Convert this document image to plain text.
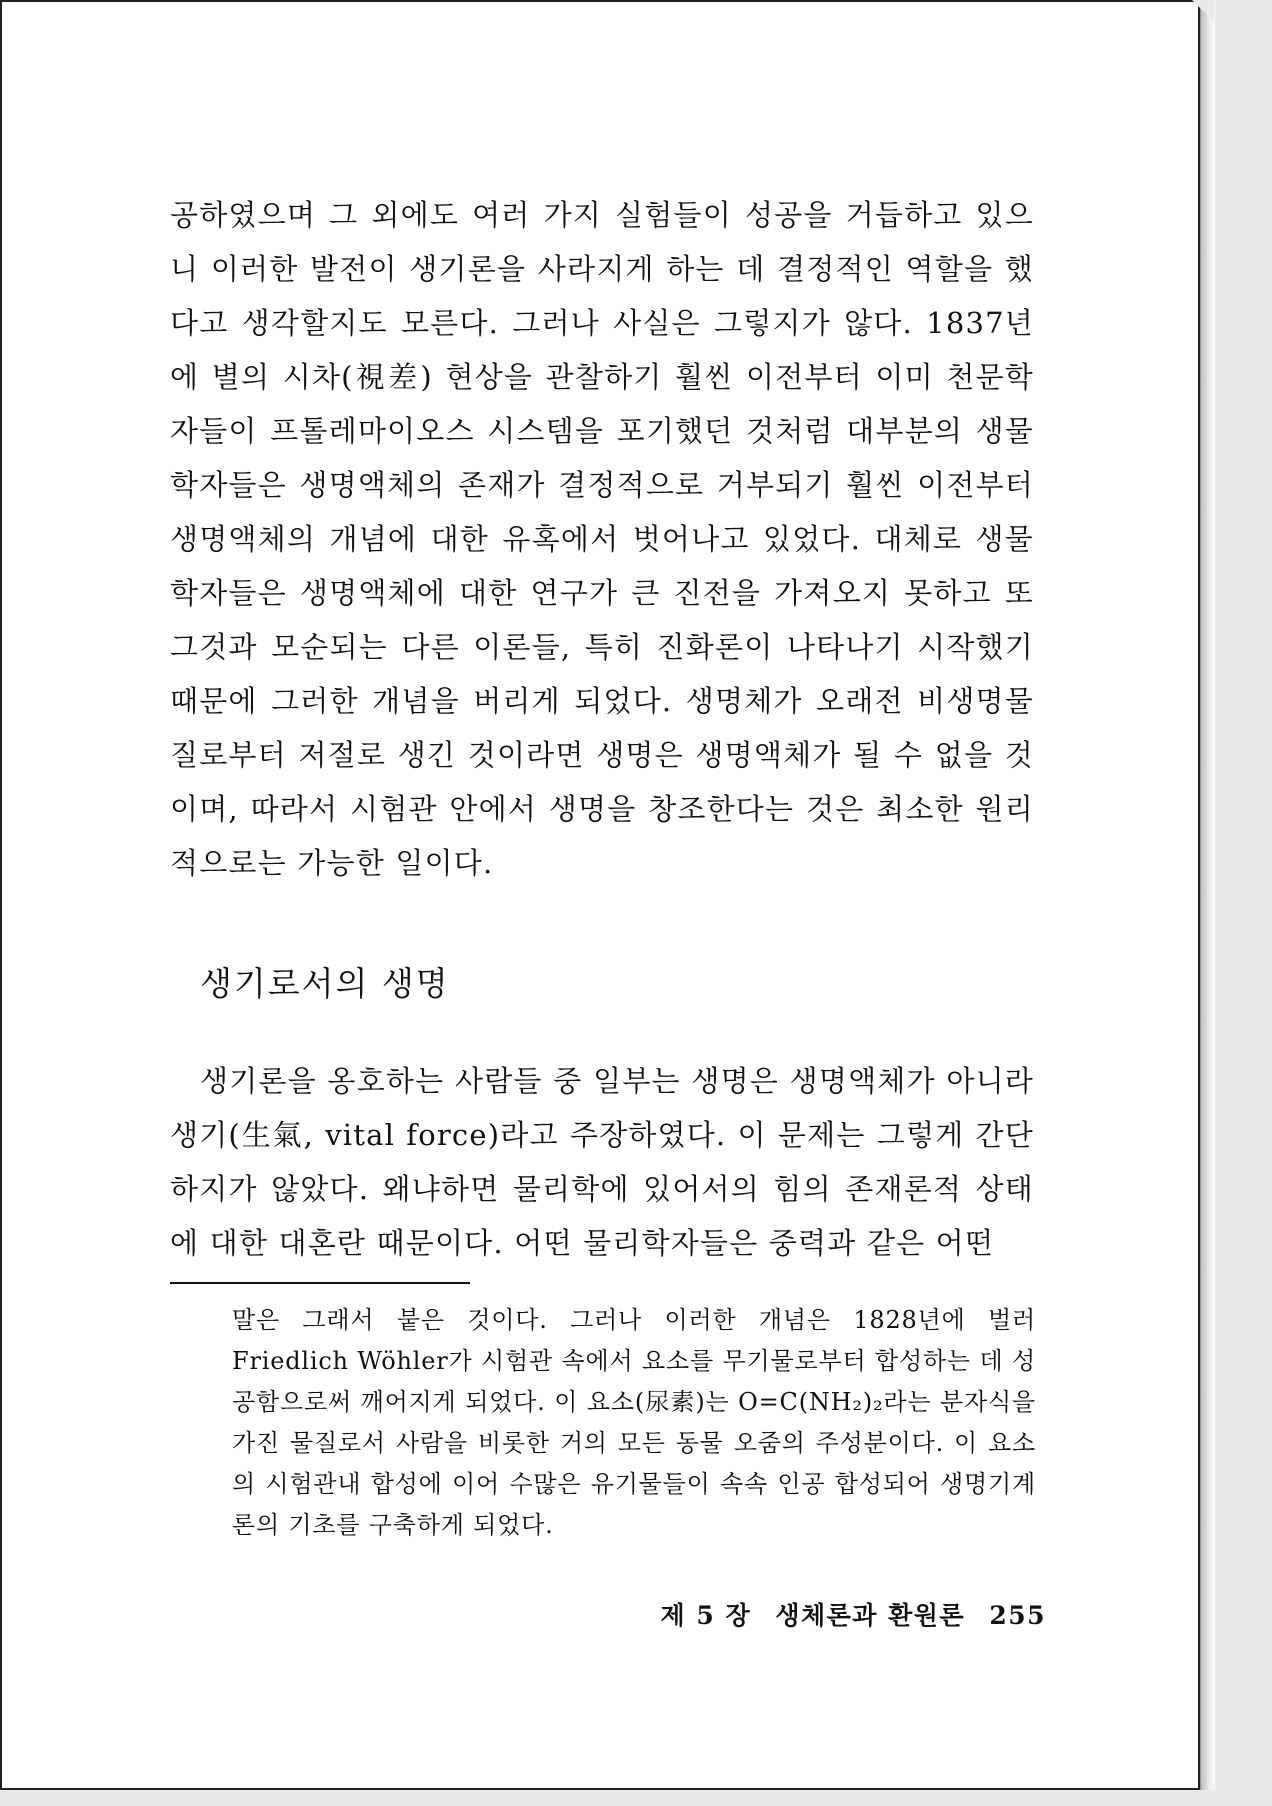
공하였으며 그 외에도 여러 가지 실험들이 성공을 거듭하고 있으니 이러한 발전이 생기론을 사라지게 하는 데 결정적인 역할을 했다고 생각할지도 모른다. 그러나 사실은 그렇지가 않다. 1837년에 별의 시차(視差) 현상을 관찰하기 훨씬 이전부터 이미 천문학자들이 프톨레마이오스 시스템을 포기했던 것처럼 대부분의 생물학자들은 생명액체의 존재가 결정적으로 거부되기 훨씬 이전부터 생명액체의 개념에 대한 유혹에서 벗어나고 있었다. 대체로 생물학자들은 생명액체에 대한 연구가 큰 진전을 가져오지 못하고 또 그것과 모순되는 다른 이론들, 특히 진화론이 나타나기 시작했기 때문에 그러한 개념을 버리게 되었다. 생명체가 오래전 비생명물질로부터 저절로 생긴 것이라면 생명은 생명액체가 될 수 없을 것이며, 따라서 시험관 안에서 생명을 창조한다는 것은 최소한 원리적으로는 가능한 일이다.

생기로서의 생명

생기론을 옹호하는 사람들 중 일부는 생명은 생명액체가 아니라 생기(生氣, vital force)라고 주장하였다. 이 문제는 그렇게 간단하지가 않았다. 왜냐하면 물리학에 있어서의 힘의 존재론적 상태에 대한 대혼란 때문이다. 어떤 물리학자들은 중력과 같은 어떤

말은 그래서 붙은 것이다. 그러나 이러한 개념은 1828년에 벌러 Friedlich Wöhler가 시험관 속에서 요소를 무기물로부터 합성하는 데 성공함으로써 깨어지게 되었다. 이 요소(尿素)는 O=C(NH₂)₂라는 분자식을 가진 물질로서 사람을 비롯한 거의 모든 동물 오줌의 주성분이다. 이 요소의 시험관내 합성에 이어 수많은 유기물들이 속속 인공 합성되어 생명기계론의 기초를 구축하게 되었다.

제 5 장 생체론과 환원론 255
